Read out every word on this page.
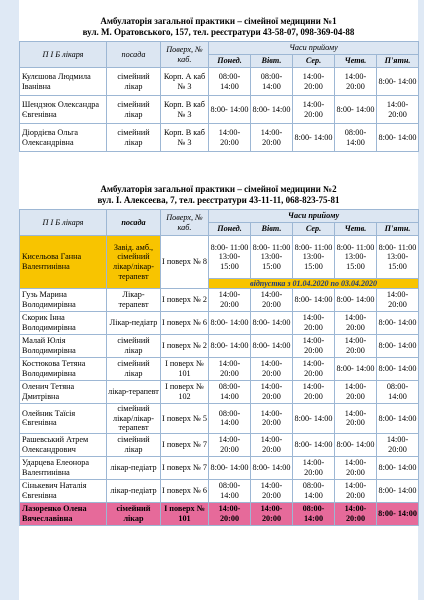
Амбулаторія загальної практики – сімейної медицини №1
вул. М. Оратовського, 157, тел. реєстратури 43-58-07, 098-369-04-88
П І Б лікаря	посада	Поверх, № каб.	Часи прийому				
			Понед.	Вівт.	Сер.	Четв.	П'ятн.
Кулєшова Людмила Іванівна	сімейний лікар	Корп. А каб № 3	08:00- 14:00	08:00- 14:00	14:00- 20:00	14:00- 20:00	8:00- 14:00
Шендзюк Олександра Євгенівна	сімейний лікар	Корп. В каб № 3	8:00- 14:00	8:00- 14:00	14:00- 20:00	8:00- 14:00	14:00- 20:00
Діордієва Ольга Олександрівна	сімейний лікар	Корп. В каб № 3	14:00- 20:00	14:00- 20:00	8:00- 14:00	08:00- 14:00	8:00- 14:00
Амбулаторія загальної практики – сімейної медицини №2
вул. І. Алексеєва, 7, тел. реєстратури 43-11-11, 068-823-75-81
П І Б лікаря	посада	Поверх, № каб.	Часи прийому				
			Понед.	Вівт.	Сер.	Четв.	П'ятн.
Кисельова Ганна Валентинівна	Завід. амб., сімейний лікар/лікар-терапевт	І поверх № 8	8:00- 11:00 13:00- 15:00	8:00- 11:00 13:00- 15:00	8:00- 11:00 13:00- 15:00	8:00- 11:00 13:00- 15:00	8:00- 11:00 13:00- 15:00
			відпустка з 01.04.2020 по 03.04.2020				
Гузь Марина Володимирівна	Лікар-терапевт	І поверх № 2	14:00- 20:00	14:00- 20:00	8:00- 14:00	8:00- 14:00	14:00- 20:00
Скорик Інна Володимирівна	Лікар-педіатр	І поверх № 6	8:00- 14:00	8:00- 14:00	14:00- 20:00	14:00- 20:00	8:00- 14:00
Малай Юлія Володимирівна	сімейний лікар	І поверх № 2	8:00- 14:00	8:00- 14:00	14:00- 20:00	14:00- 20:00	8:00- 14:00
Костюкова Тетяна Володимирівна	сімейний лікар	І поверх № 101	14:00- 20:00	14:00- 20:00	14:00- 20:00	8:00- 14:00	8:00- 14:00
Оленич Тетяна Дмитрівна	лікар-терапевт	І поверх № 102	08:00- 14:00	14:00- 20:00	14:00- 20:00	14:00- 20:00	08:00- 14:00
Олейник Таїсія Євгенівна	сімейний лікар/лікар-терапевт	І поверх № 5	08:00- 14:00	14:00- 20:00	8:00- 14:00	14:00- 20:00	8:00- 14:00
Рашевський Атрем Олександрович	сімейний лікар	І поверх № 7	14:00- 20:00	14:00- 20:00	8:00- 14:00	8:00- 14:00	14:00- 20:00
Ударцева Елеонора Валентинівна	лікар-педіатр	І поверх № 7	8:00- 14:00	8:00- 14:00	14:00- 20:00	14:00- 20:00	8:00- 14:00
Сінькевич Наталія Євгенівна	лікар-педіатр	І поверх № 6	08:00- 14:00	14:00- 20:00	08:00- 14:00	14:00- 20:00	8:00- 14:00
Лазоренко Олена Вячеславівна	сімейний лікар	І поверх № 101	14:00- 20:00	14:00- 20:00	08:00- 14:00	14:00- 20:00	8:00- 14:00
